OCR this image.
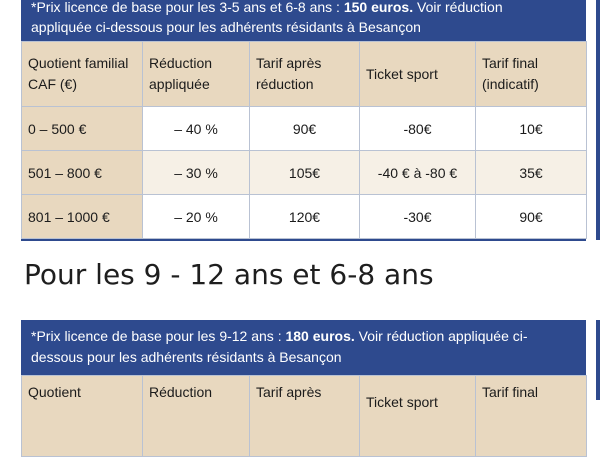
*Prix licence de base pour les 3-5 ans et 6-8 ans : 150 euros. Voir réduction
appliquée ci-dessous pour les adhérents résidants à Besançon
Quotient familial CAF (€)	Réduction appliquée	Tarif après réduction	Ticket sport	Tarif final (indicatif)
0 – 500 €	– 40 %	90€	-80€	10€
501 – 800 €	– 30 %	105€	-40 € à -80 €	35€
801 – 1000 €	– 20 %	120€	-30€	90€
Pour les 9 - 12 ans et 6-8 ans
*Prix licence de base pour les 9-12 ans : 180 euros. Voir réduction appliquée ci-dessous pour les adhérents résidants à Besançon
Quotient	Réduction	Tarif après	Ticket sport	Tarif final
